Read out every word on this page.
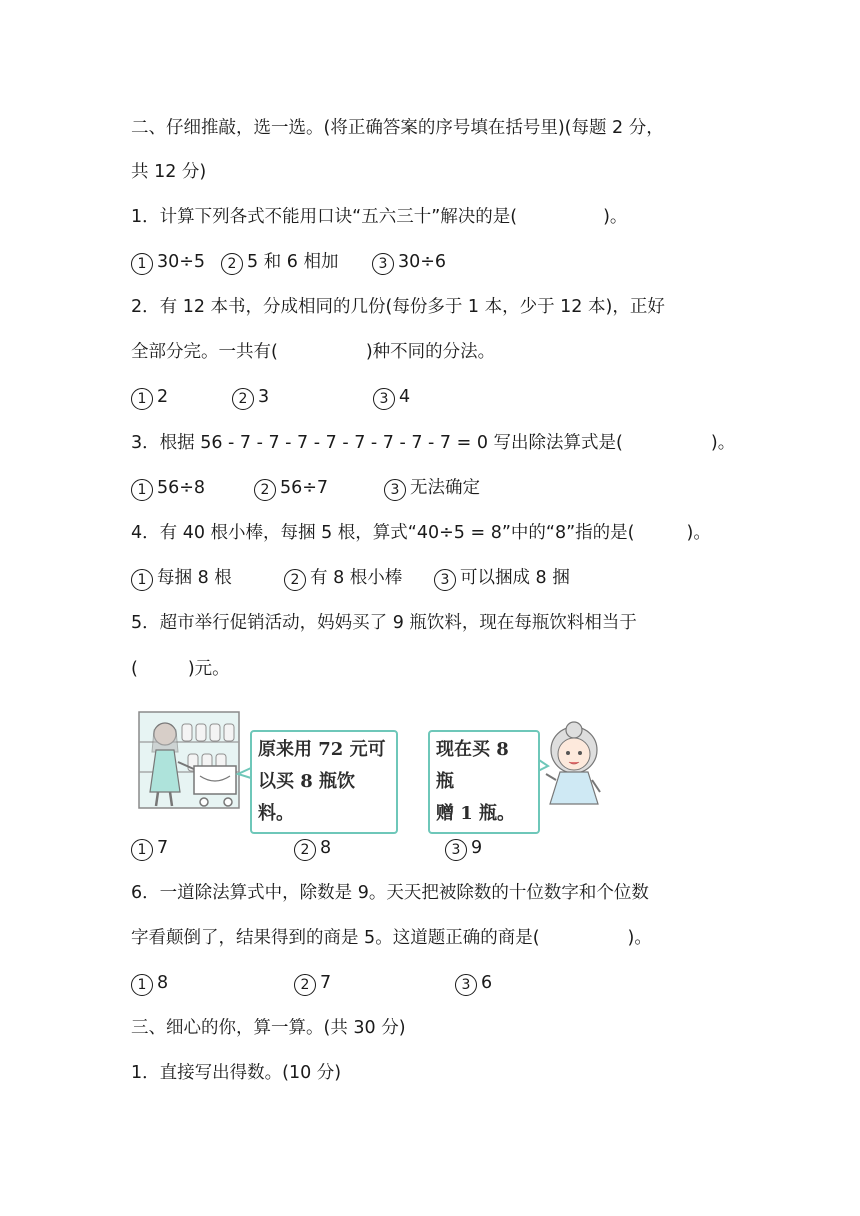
二、仔细推敲，选一选。(将正确答案的序号填在括号里)(每题 2 分，
共 12 分)
1．计算下列各式不能用口诀“五六三十”解决的是(	)。
1 30÷5	2 5 和 6 相加	3 30÷6
2．有 12 本书，分成相同的几份(每份多于 1 本，少于 12 本)，正好
全部分完。一共有(	)种不同的分法。
1 2	2 3	3 4
3．根据 56 - 7 - 7 - 7 - 7 - 7 - 7 - 7 - 7 = 0 写出除法算式是(	)。
1 56÷8	2 56÷7	3 无法确定
4．有 40 根小棒，每捆 5 根，算式“40÷5 = 8”中的“8”指的是(	)。
1 每捆 8 根	2 有 8 根小棒	3 可以捆成 8 捆
5．超市举行促销活动，妈妈买了 9 瓶饮料，现在每瓶饮料相当于
(	)元。
原来用 72 元可
以买 8 瓶饮料。
现在买 8 瓶
赠 1 瓶。
1 7	2 8	3 9
6．一道除法算式中，除数是 9。天天把被除数的十位数字和个位数
字看颠倒了，结果得到的商是 5。这道题正确的商是(	)。
1 8	2 7	3 6
三、细心的你，算一算。(共 30 分)
1．直接写出得数。(10 分)
